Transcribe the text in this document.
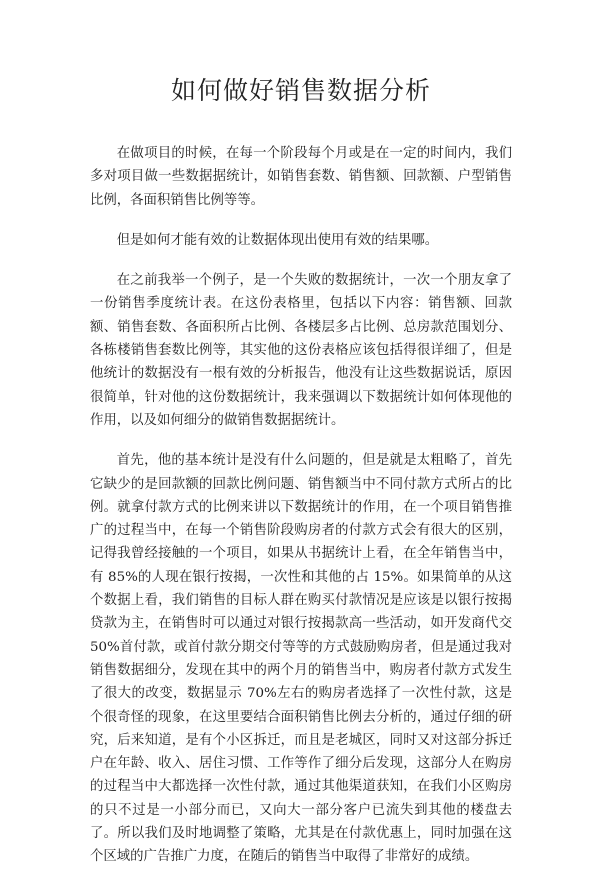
如何做好销售数据分析

在做项目的时候，在每一个阶段每个月或是在一定的时间内，我们多对项目做一些数据据统计，如销售套数、销售额、回款额、户型销售比例，各面积销售比例等等。

但是如何才能有效的让数据体现出使用有效的结果哪。

在之前我举一个例子，是一个失败的数据统计，一次一个朋友拿了一份销售季度统计表。在这份表格里，包括以下内容：销售额、回款额、销售套数、各面积所占比例、各楼层多占比例、总房款范围划分、各栋楼销售套数比例等，其实他的这份表格应该包括得很详细了，但是他统计的数据没有一根有效的分析报告，他没有让这些数据说话，原因很简单，针对他的这份数据统计，我来强调以下数据统计如何体现他的作用，以及如何细分的做销售数据据统计。

首先，他的基本统计是没有什么问题的，但是就是太粗略了，首先它缺少的是回款额的回款比例问题、销售额当中不同付款方式所占的比例。就拿付款方式的比例来讲以下数据统计的作用，在一个项目销售推广的过程当中，在每一个销售阶段购房者的付款方式会有很大的区别，记得我曾经接触的一个项目，如果从书据统计上看，在全年销售当中，有 85%的人现在银行按揭，一次性和其他的占 15%。如果简单的从这个数据上看，我们销售的目标人群在购买付款情况是应该是以银行按揭贷款为主，在销售时可以通过对银行按揭款高一些活动，如开发商代交 50%首付款，或首付款分期交付等等的方式鼓励购房者，但是通过我对销售数据细分，发现在其中的两个月的销售当中，购房者付款方式发生了很大的改变，数据显示 70%左右的购房者选择了一次性付款，这是个很奇怪的现象，在这里要结合面积销售比例去分析的，通过仔细的研究，后来知道，是有个小区拆迁，而且是老城区，同时又对这部分拆迁户在年龄、收入、居住习惯、工作等作了细分后发现，这部分人在购房的过程当中大都选择一次性付款，通过其他渠道获知，在我们小区购房的只不过是一小部分而已，又向大一部分客户已流失到其他的楼盘去了。所以我们及时地调整了策略，尤其是在付款优惠上，同时加强在这个区域的广告推广力度，在随后的销售当中取得了非常好的成绩。
